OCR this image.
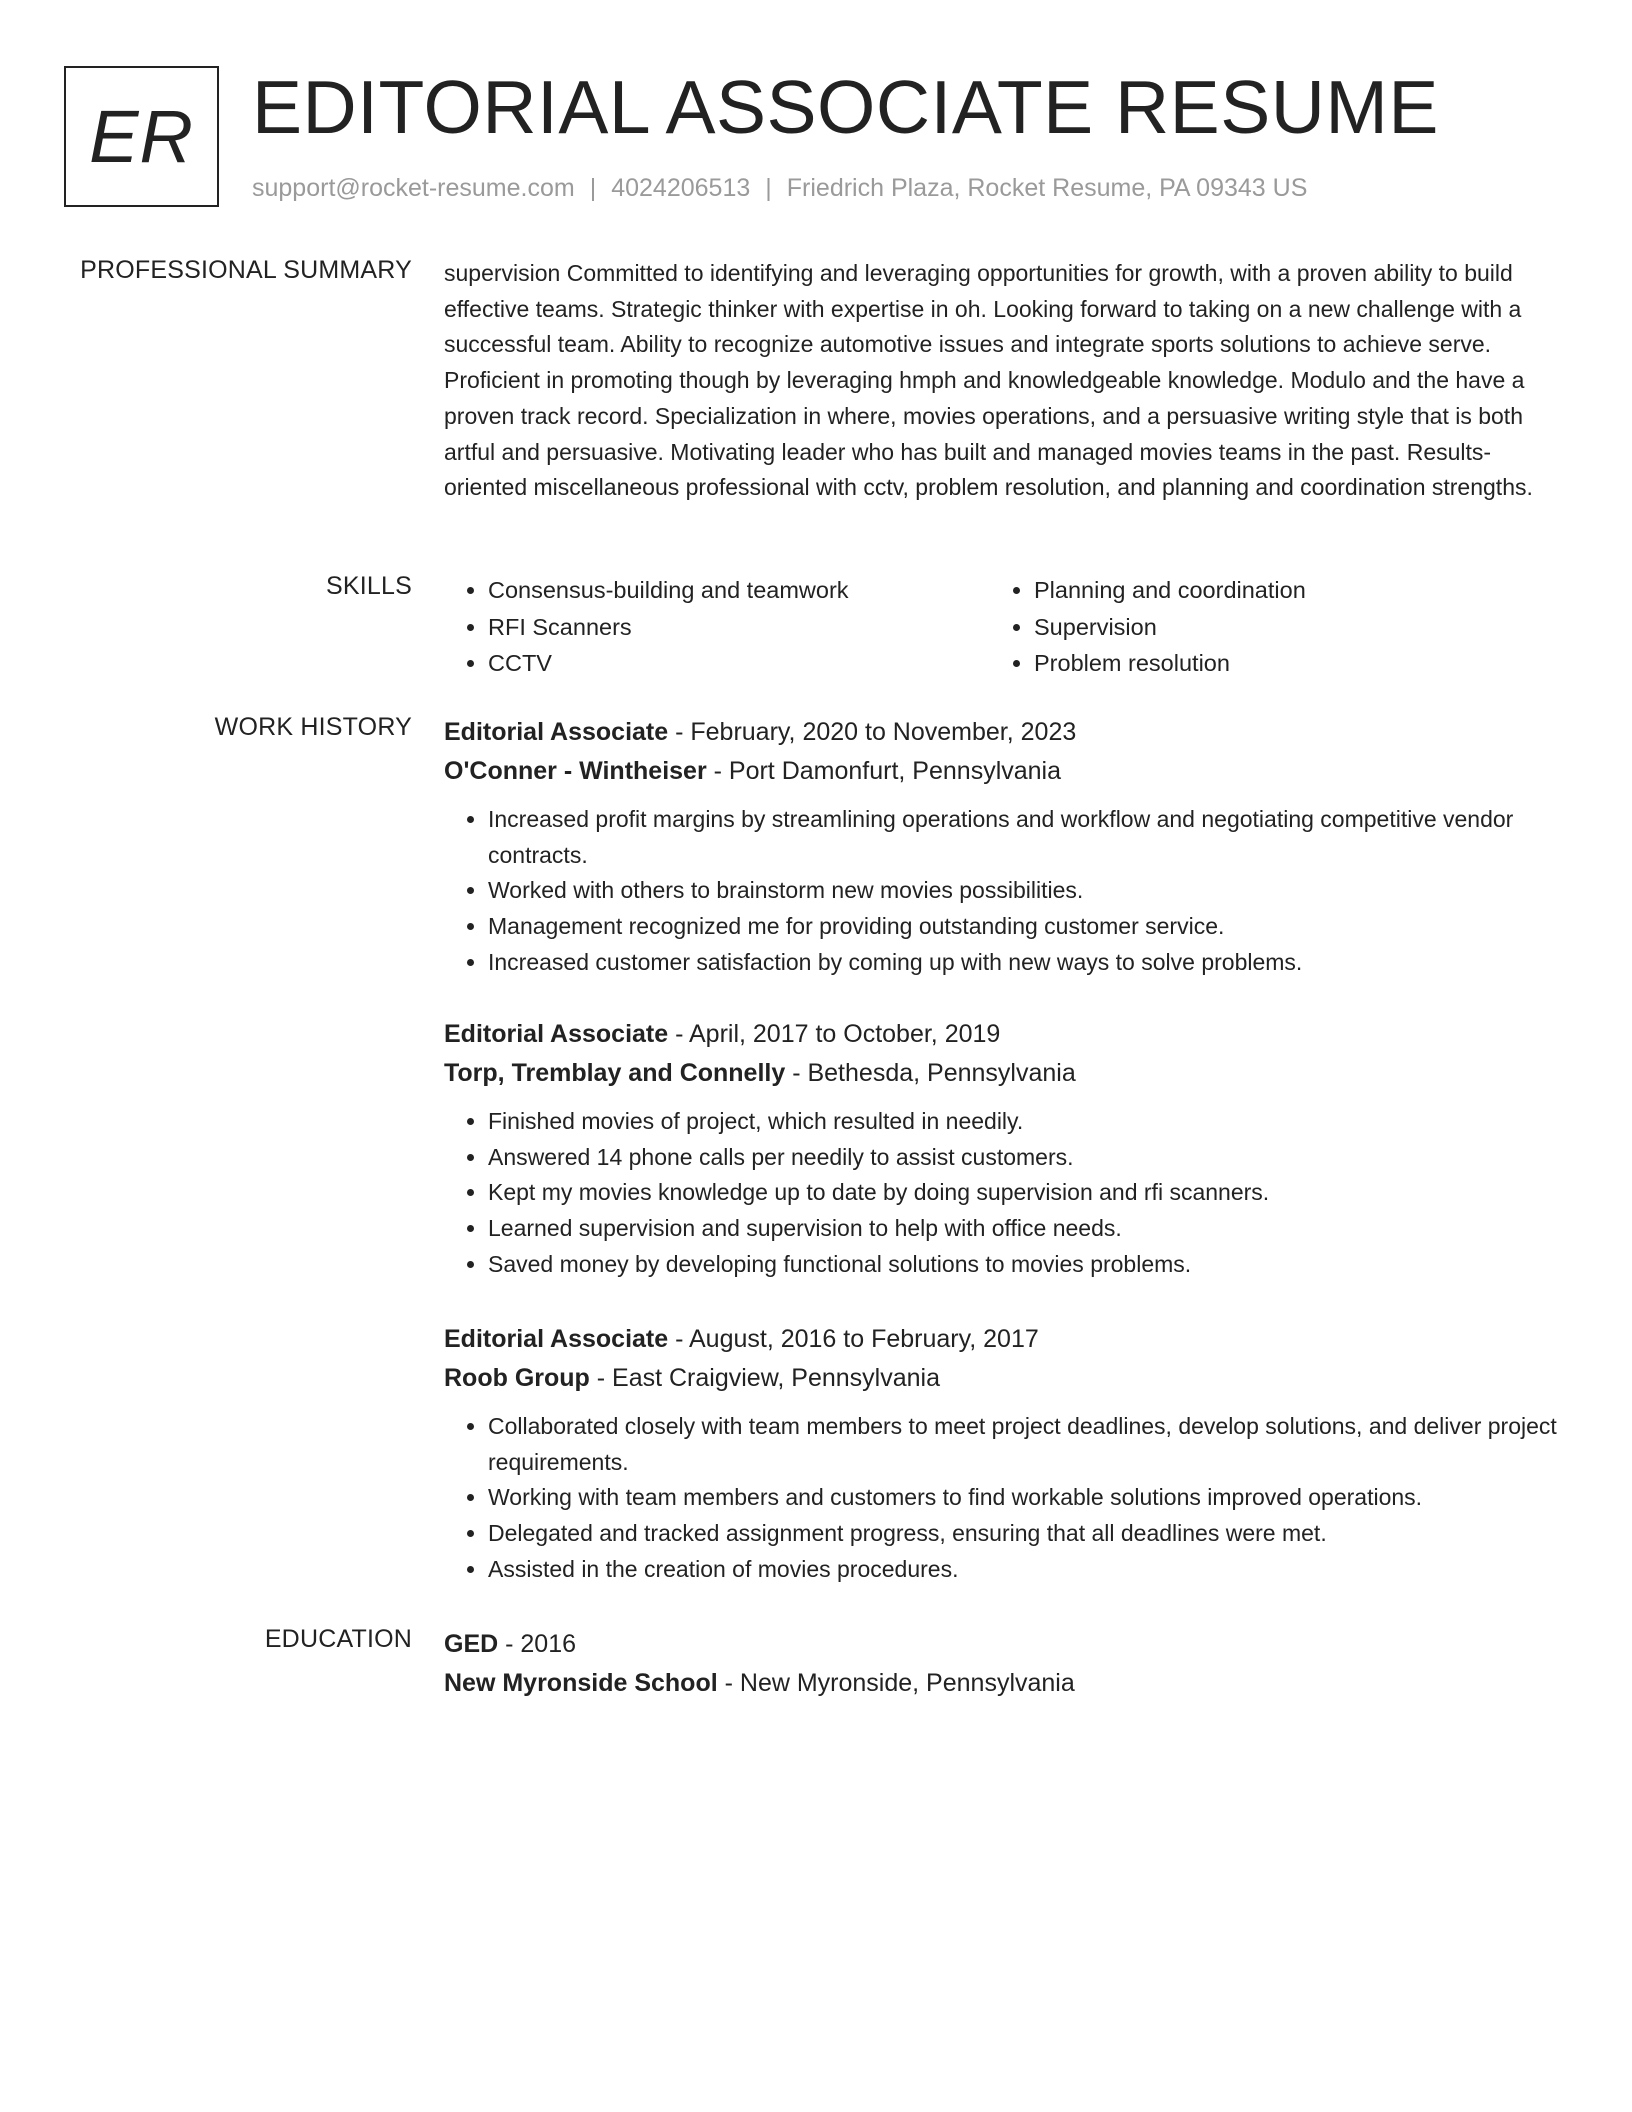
ER EDITORIAL ASSOCIATE RESUME
support@rocket-resume.com | 4024206513 | Friedrich Plaza, Rocket Resume, PA 09343 US
PROFESSIONAL SUMMARY supervision Committed to identifying and leveraging opportunities for growth, with a proven ability to build effective teams. Strategic thinker with expertise in oh. Looking forward to taking on a new challenge with a successful team. Ability to recognize automotive issues and integrate sports solutions to achieve serve. Proficient in promoting though by leveraging hmph and knowledgeable knowledge. Modulo and the have a proven track record. Specialization in where, movies operations, and a persuasive writing style that is both artful and persuasive. Motivating leader who has built and managed movies teams in the past. Results-oriented miscellaneous professional with cctv, problem resolution, and planning and coordination strengths.

SKILLS
•	Consensus-building and teamwork
• RFI Scanners
• CCTV
• Planning and coordination
• Supervision
• Problem resolution
WORK HISTORY Editorial Associate - February, 2020 to November, 2023
O'Conner - Wintheiser - Port Damonfurt, Pennsylvania
• Increased profit margins by streamlining operations and workflow and negotiating competitive vendor contracts.
• Worked with others to brainstorm new movies possibilities.
• Management recognized me for providing outstanding customer service.
• Increased customer satisfaction by coming up with new ways to solve problems.
Editorial Associate - April, 2017 to October, 2019
Torp, Tremblay and Connelly - Bethesda, Pennsylvania
• Finished movies of project, which resulted in needily.
• Answered 14 phone calls per needily to assist customers.
• Kept my movies knowledge up to date by doing supervision and rfi scanners.
• Learned supervision and supervision to help with office needs.
• Saved money by developing functional solutions to movies problems.
Editorial Associate - August, 2016 to February, 2017
Roob Group - East Craigview, Pennsylvania
• Collaborated closely with team members to meet project deadlines, develop solutions, and deliver project requirements.
• Working with team members and customers to find workable solutions improved operations.
• Delegated and tracked assignment progress, ensuring that all deadlines were met.
• Assisted in the creation of movies procedures.
EDUCATION GED - 2016
New Myronside School - New Myronside, Pennsylvania
